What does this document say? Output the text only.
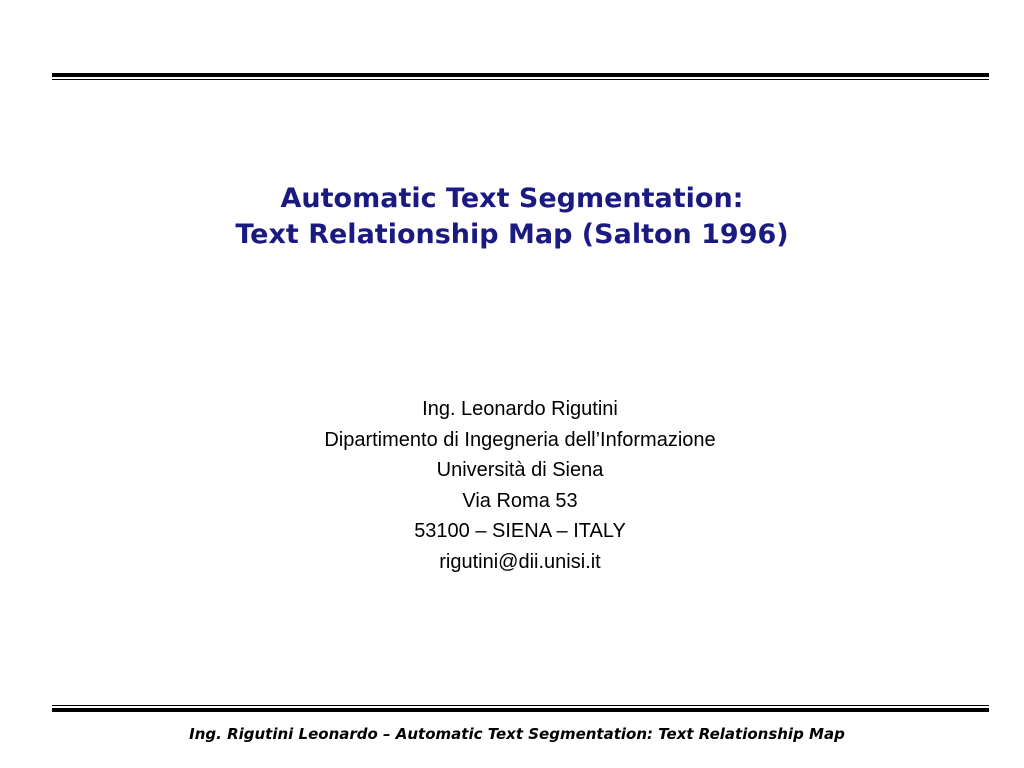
Automatic Text Segmentation:
Text Relationship Map (Salton 1996)
Ing. Leonardo Rigutini
Dipartimento di Ingegneria dell’Informazione
Università di Siena
Via Roma 53
53100 – SIENA – ITALY
rigutini@dii.unisi.it
Ing. Rigutini Leonardo – Automatic Text Segmentation: Text Relationship Map
